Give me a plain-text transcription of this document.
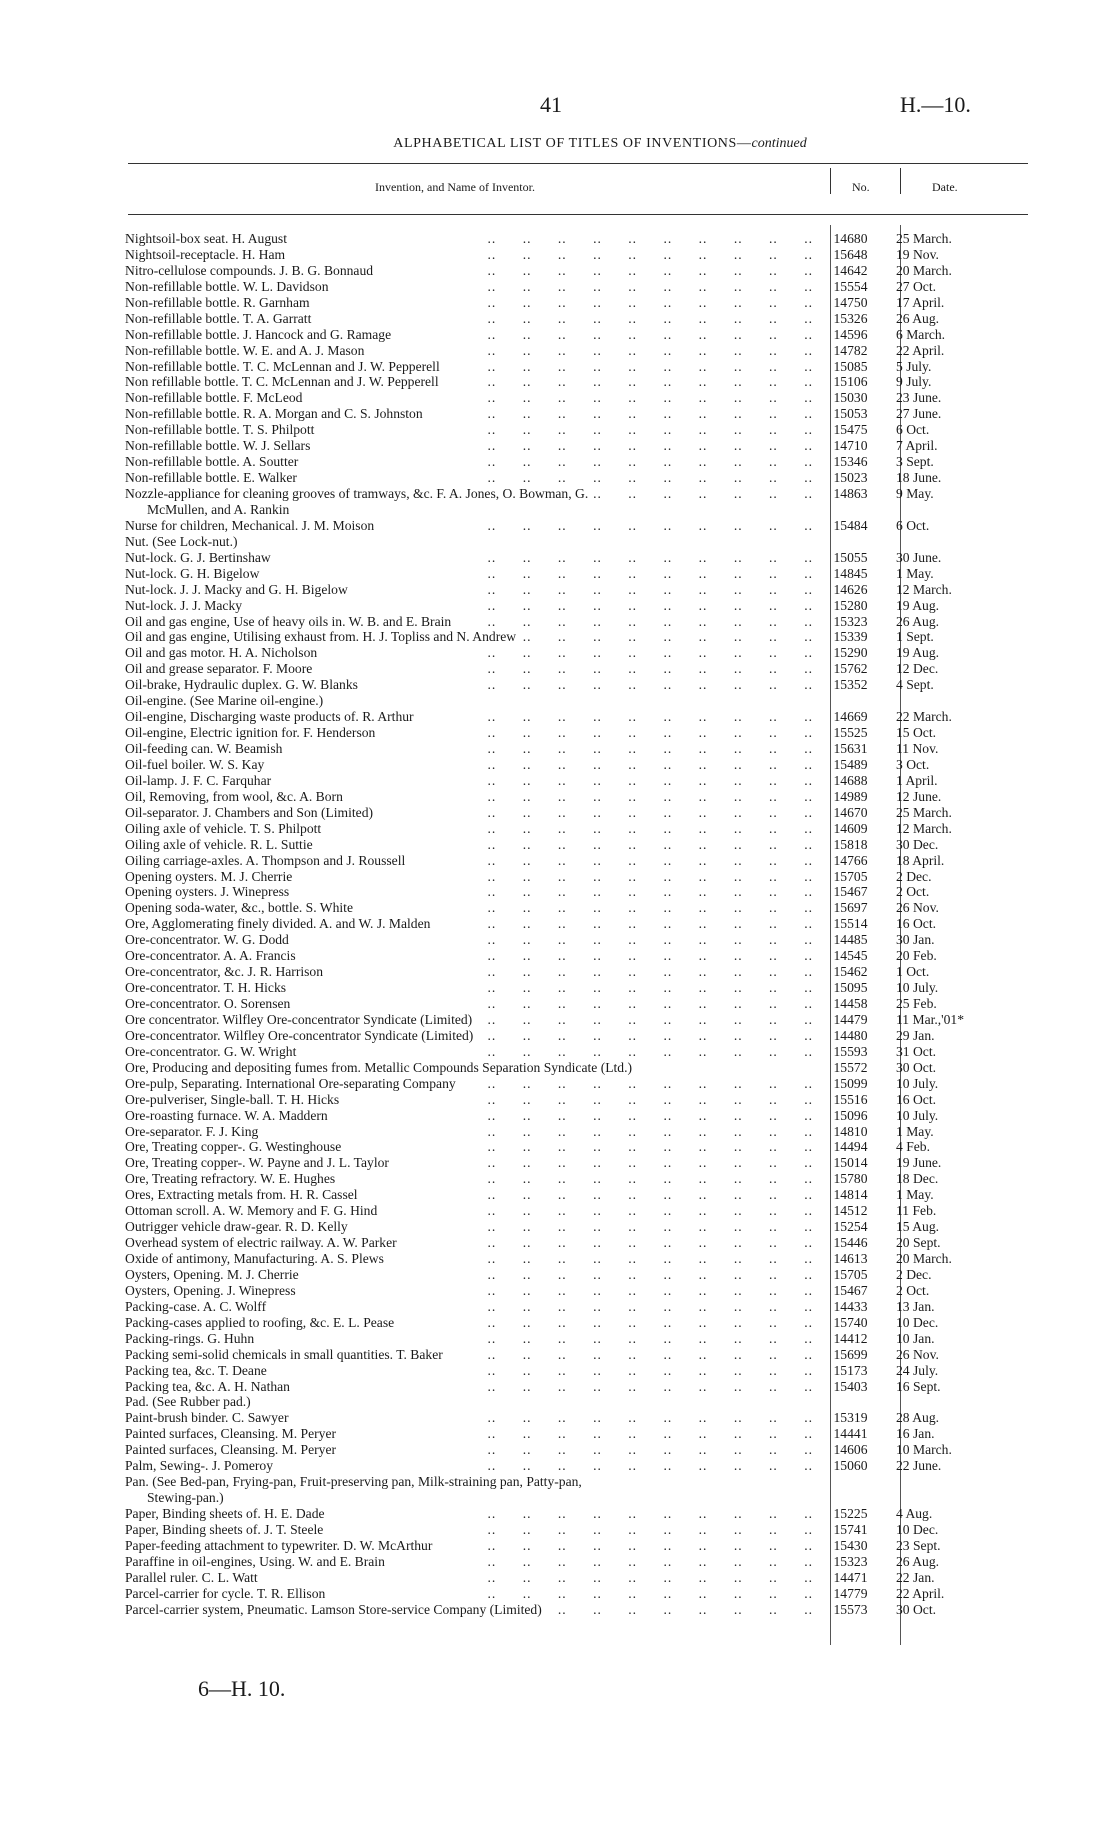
41	H.—10.
ALPHABETICAL LIST OF TITLES OF INVENTIONS—continued
Invention, and Name of Inventor.	No.	Date.
Nightsoil-box seat. H. August ..	14680	25 March.
Nightsoil-receptacle. H. Ham ..	15648	19 Nov.
Nitro-cellulose compounds. J. B. G. Bonnaud ..	14642	20 March.
Non-refillable bottle. W. L. Davidson ..	15554	27 Oct.
Non-refillable bottle. R. Garnham ..	14750	17 April.
Non-refillable bottle. T. A. Garratt ..	15326	26 Aug.
Non-refillable bottle. J. Hancock and G. Ramage ..	14596	6 March.
Non-refillable bottle. W. E. and A. J. Mason ..	14782	22 April.
Non-refillable bottle. T. C. McLennan and J. W. Pepperell ..	15085	5 July.
Non refillable bottle. T. C. McLennan and J. W. Pepperell ..	15106	9 July.
Non-refillable bottle. F. McLeod ..	15030	23 June.
Non-refillable bottle. R. A. Morgan and C. S. Johnston ..	15053	27 June.
Non-refillable bottle. T. S. Philpott ..	15475	6 Oct.
Non-refillable bottle. W. J. Sellars ..	14710	7 April.
Non-refillable bottle. A. Soutter ..	15346	3 Sept.
Non-refillable bottle. E. Walker ..	15023	18 June.
Nozzle-appliance for cleaning grooves of tramways, &c. F. A. Jones, O. Bowman, G. ..	14863	9 May.
McMullen, and A. Rankin
Nurse for children, Mechanical. J. M. Moison ..	15484	6 Oct.
Nut. (See Lock-nut.)
Nut-lock. G. J. Bertinshaw ..	15055	30 June.
Nut-lock. G. H. Bigelow ..	14845	1 May.
Nut-lock. J. J. Macky and G. H. Bigelow ..	14626	12 March.
Nut-lock. J. J. Macky ..	15280	19 Aug.
Oil and gas engine, Use of heavy oils in. W. B. and E. Brain ..	15323	26 Aug.
Oil and gas engine, Utilising exhaust from. H. J. Topliss and N. Andrew ..	15339	1 Sept.
Oil and gas motor. H. A. Nicholson ..	15290	19 Aug.
Oil and grease separator. F. Moore ..	15762	12 Dec.
Oil-brake, Hydraulic duplex. G. W. Blanks ..	15352	4 Sept.
Oil-engine. (See Marine oil-engine.)
Oil-engine, Discharging waste products of. R. Arthur ..	14669	22 March.
Oil-engine, Electric ignition for. F. Henderson ..	15525	15 Oct.
Oil-feeding can. W. Beamish ..	15631	11 Nov.
Oil-fuel boiler. W. S. Kay ..	15489	3 Oct.
Oil-lamp. J. F. C. Farquhar ..	14688	1 April.
Oil, Removing, from wool, &c. A. Born ..	14989	12 June.
Oil-separator. J. Chambers and Son (Limited) ..	14670	25 March.
Oiling axle of vehicle. T. S. Philpott ..	14609	12 March.
Oiling axle of vehicle. R. L. Suttie ..	15818	30 Dec.
Oiling carriage-axles. A. Thompson and J. Roussell ..	14766	18 April.
Opening oysters. M. J. Cherrie ..	15705	2 Dec.
Opening oysters. J. Winepress ..	15467	2 Oct.
Opening soda-water, &c., bottle. S. White ..	15697	26 Nov.
Ore, Agglomerating finely divided. A. and W. J. Malden ..	15514	16 Oct.
Ore-concentrator. W. G. Dodd ..	14485	30 Jan.
Ore-concentrator. A. A. Francis ..	14545	20 Feb.
Ore-concentrator, &c. J. R. Harrison ..	15462	1 Oct.
Ore-concentrator. T. H. Hicks ..	15095	10 July.
Ore-concentrator. O. Sorensen ..	14458	25 Feb.
Ore concentrator. Wilfley Ore-concentrator Syndicate (Limited) ..	14479	11 Mar.,'01*
Ore-concentrator. Wilfley Ore-concentrator Syndicate (Limited) ..	14480	29 Jan.
Ore-concentrator. G. W. Wright ..	15593	31 Oct.
Ore, Producing and depositing fumes from. Metallic Compounds Separation Syndicate (Ltd.)	15572	30 Oct.
Ore-pulp, Separating. International Ore-separating Company ..	15099	10 July.
Ore-pulveriser, Single-ball. T. H. Hicks ..	15516	16 Oct.
Ore-roasting furnace. W. A. Maddern ..	15096	10 July.
Ore-separator. F. J. King ..	14810	1 May.
Ore, Treating copper-. G. Westinghouse ..	14494	4 Feb.
Ore, Treating copper-. W. Payne and J. L. Taylor ..	15014	19 June.
Ore, Treating refractory. W. E. Hughes ..	15780	18 Dec.
Ores, Extracting metals from. H. R. Cassel ..	14814	1 May.
Ottoman scroll. A. W. Memory and F. G. Hind ..	14512	11 Feb.
Outrigger vehicle draw-gear. R. D. Kelly ..	15254	15 Aug.
Overhead system of electric railway. A. W. Parker ..	15446	20 Sept.
Oxide of antimony, Manufacturing. A. S. Plews ..	14613	20 March.
Oysters, Opening. M. J. Cherrie ..	15705	2 Dec.
Oysters, Opening. J. Winepress ..	15467	2 Oct.
Packing-case. A. C. Wolff ..	14433	13 Jan.
Packing-cases applied to roofing, &c. E. L. Pease ..	15740	10 Dec.
Packing-rings. G. Huhn ..	14412	10 Jan.
Packing semi-solid chemicals in small quantities. T. Baker ..	15699	26 Nov.
Packing tea, &c. T. Deane ..	15173	24 July.
Packing tea, &c. A. H. Nathan ..	15403	16 Sept.
Pad. (See Rubber pad.)
Paint-brush binder. C. Sawyer ..	15319	28 Aug.
Painted surfaces, Cleansing. M. Peryer ..	14441	16 Jan.
Painted surfaces, Cleansing. M. Peryer ..	14606	10 March.
Palm, Sewing-. J. Pomeroy ..	15060	22 June.
Pan. (See Bed-pan, Frying-pan, Fruit-preserving pan, Milk-straining pan, Patty-pan,
Stewing-pan.)
Paper, Binding sheets of. H. E. Dade ..	15225	4 Aug.
Paper, Binding sheets of. J. T. Steele ..	15741	10 Dec.
Paper-feeding attachment to typewriter. D. W. McArthur ..	15430	23 Sept.
Paraffine in oil-engines, Using. W. and E. Brain ..	15323	26 Aug.
Parallel ruler. C. L. Watt ..	14471	22 Jan.
Parcel-carrier for cycle. T. R. Ellison ..	14779	22 April.
Parcel-carrier system, Pneumatic. Lamson Store-service Company (Limited) ..	15573	30 Oct.
6—H. 10.
